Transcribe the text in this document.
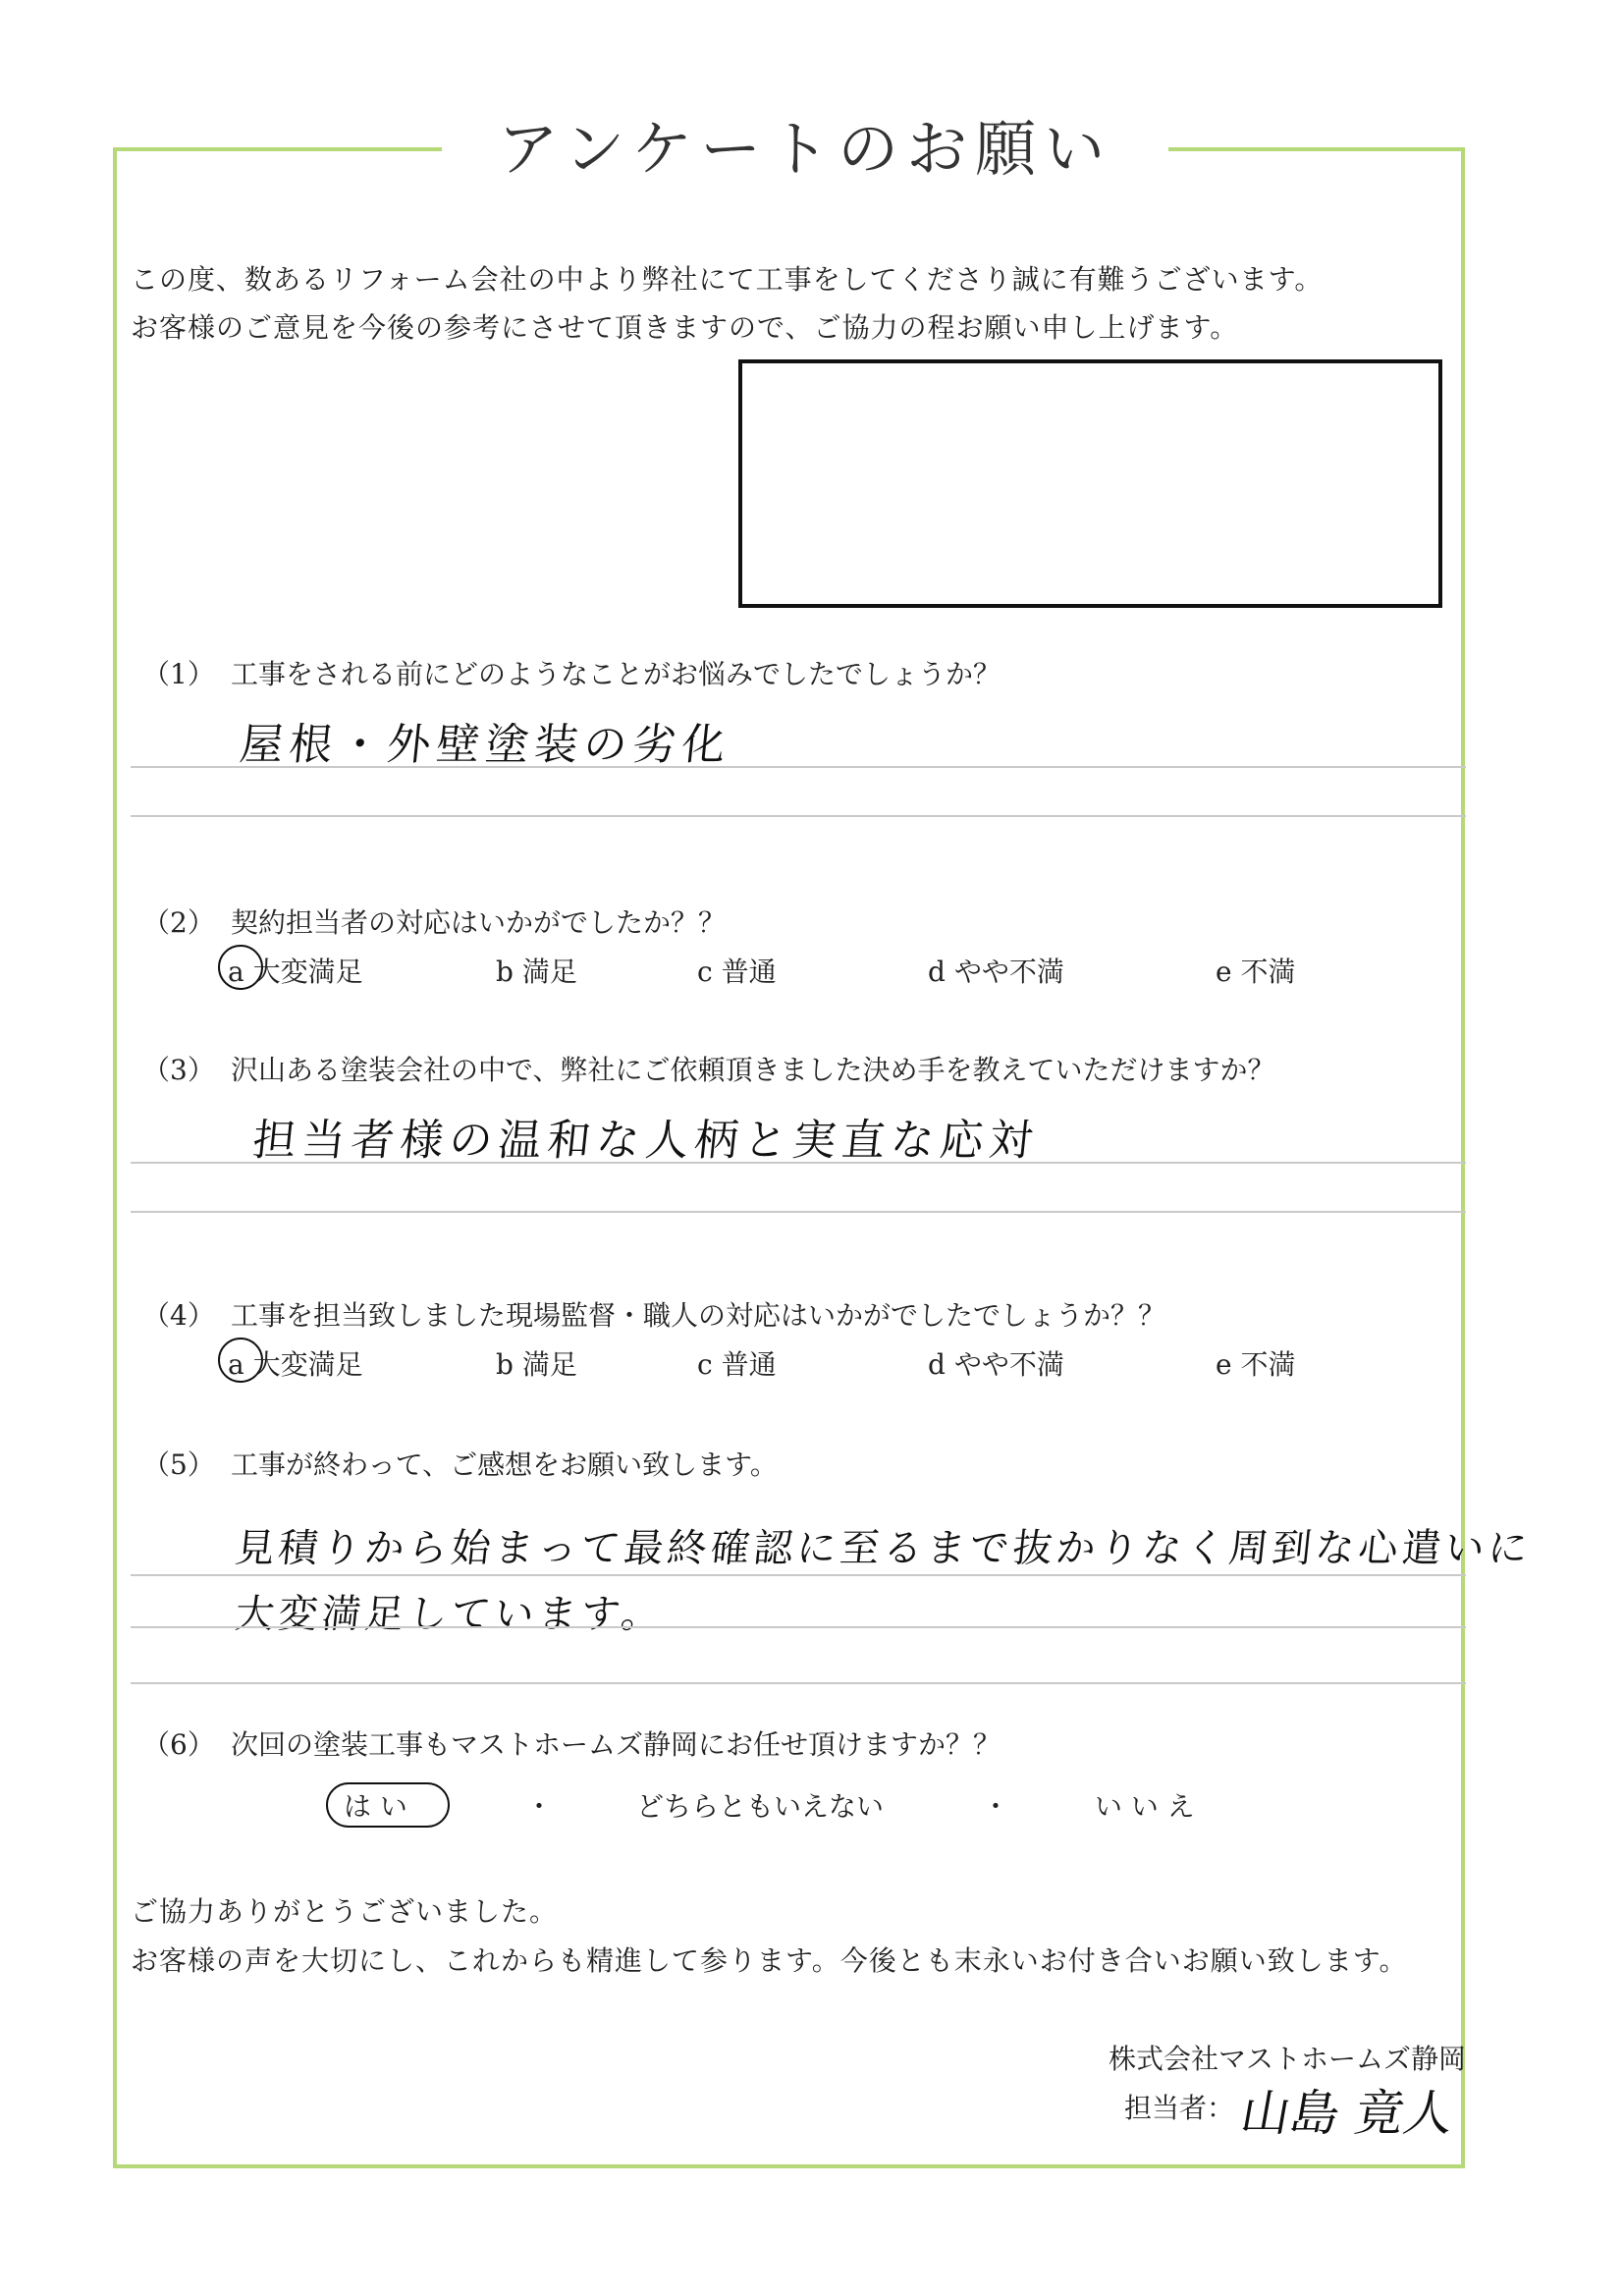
アンケートのお願い
この度、数あるリフォーム会社の中より弊社にて工事をしてくださり誠に有難うございます。
お客様のご意見を今後の参考にさせて頂きますので、ご協力の程お願い申し上げます。
（1） 工事をされる前にどのようなことがお悩みでしたでしょうか？
屋根・外壁塗装の劣化
（2） 契約担当者の対応はいかがでしたか？？
a 大変満足	b 満足	c 普通	d やや不満	e 不満
（3） 沢山ある塗装会社の中で、弊社にご依頼頂きました決め手を教えていただけますか？
担当者様の温和な人柄と実直な応対
（4） 工事を担当致しました現場監督・職人の対応はいかがでしたでしょうか？？
a 大変満足	b 満足	c 普通	d やや不満	e 不満
（5） 工事が終わって、ご感想をお願い致します。
見積りから始まって最終確認に至るまで抜かりなく周到な心遣いに
大変満足しています。
（6） 次回の塗装工事もマストホームズ静岡にお任せ頂けますか？？
は い	・	どちらともいえない	・	い い え
ご協力ありがとうございました。
お客様の声を大切にし、これからも精進して参ります。今後とも末永いお付き合いお願い致します。
株式会社マストホームズ静岡
担当者： 山島 竟人
